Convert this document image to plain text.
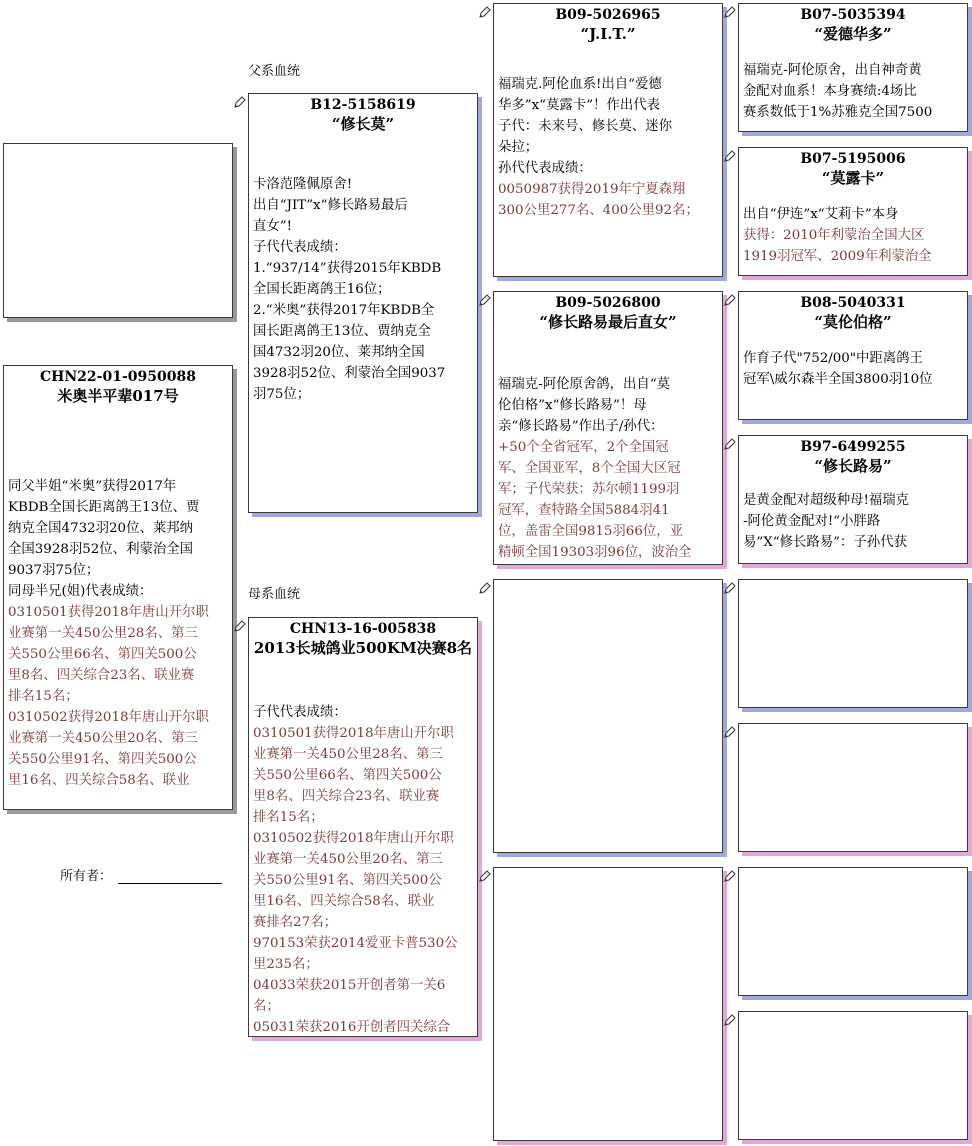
父系血统
母系血统
所有者：
CHN22-01-0950088
米奥半平辈017号
同父半姐“米奥”获得2017年
KBDB全国长距离鸽王13位、贾
纳克全国4732羽20位、莱邦纳
全国3928羽52位、利蒙治全国
9037羽75位；
同母半兄(姐)代表成绩：
0310501获得2018年唐山开尔职
业赛第一关450公里28名、第三
关550公里66名、第四关500公
里8名、四关综合23名、联业赛
排名15名；
0310502获得2018年唐山开尔职
业赛第一关450公里20名、第三
关550公里91名、第四关500公
里16名、四关综合58名、联业
B12-5158619
“修长莫”
卡洛范隆佩原舍!
出自“JIT”x“修长路易最后
直女”!
子代代表成绩：
1.“937/14”获得2015年KBDB
全国长距离鸽王16位；
2.“米奥”获得2017年KBDB全
国长距离鸽王13位、贾纳克全
国4732羽20位、莱邦纳全国
3928羽52位、利蒙治全国9037
羽75位；
CHN13-16-005838
2013长城鸽业500KM决赛8名
子代代表成绩：
0310501获得2018年唐山开尔职
业赛第一关450公里28名、第三
关550公里66名、第四关500公
里8名、四关综合23名、联业赛
排名15名；
0310502获得2018年唐山开尔职
业赛第一关450公里20名、第三
关550公里91名、第四关500公
里16名、四关综合58名、联业
赛排名27名；
970153荣获2014爱亚卡普530公
里235名；
04033荣获2015开创者第一关6
名；
05031荣获2016开创者四关综合
B09-5026965
“J.I.T.”
福瑞克.阿伦血系!出自“爱德
华多”x“莫露卡”！作出代表
子代：未来号、修长莫、迷你
朵拉；
孙代代表成绩：
0050987获得2019年宁夏森翔
300公里277名、400公里92名；
B09-5026800
“修长路易最后直女”
福瑞克-阿伦原舍鸽，出自“莫
伦伯格”x“修长路易”！母
亲“修长路易”作出子/孙代：
+50个全省冠军，2个全国冠
军、全国亚军，8个全国大区冠
军；子代荣获：苏尔顿1199羽
冠军，查特路全国5884羽41
位，盖雷全国9815羽66位，亚
精顿全国19303羽96位，波治全
B07-5035394
“爱德华多”
福瑞克-阿伦原舍，出自神奇黄
金配对血系！本身赛绩:4场比
赛系数低于1%苏雅克全国7500
B07-5195006
“莫露卡”
出自“伊连”x“艾莉卡”本身
获得：2010年利蒙治全国大区
1919羽冠军、2009年利蒙治全
B08-5040331
“莫伦伯格”
作育子代"752/00"中距离鸽王
冠军\威尔森半全国3800羽10位
B97-6499255
“修长路易”
是黄金配对超级种母!福瑞克
-阿伦黄金配对!“小胖路
易”X“修长路易”：子孙代获
